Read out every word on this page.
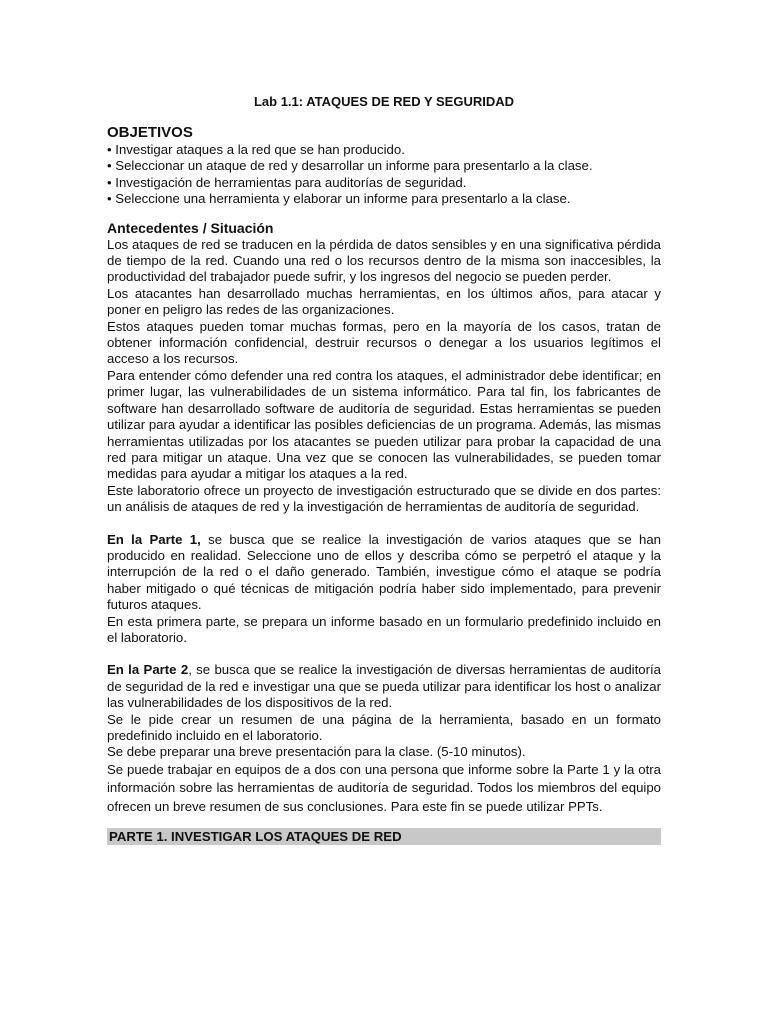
Lab 1.1: ATAQUES DE RED Y SEGURIDAD
OBJETIVOS
• Investigar ataques a la red que se han producido.
• Seleccionar un ataque de red y desarrollar un informe para presentarlo a la clase.
• Investigación de herramientas para auditorías de seguridad.
• Seleccione una herramienta y elaborar un informe para presentarlo a la clase.
Antecedentes / Situación

Los ataques de red se traducen en la pérdida de datos sensibles y en una significativa pérdida de tiempo de la red. Cuando una red o los recursos dentro de la misma son inaccesibles, la productividad del trabajador puede sufrir, y los ingresos del negocio se pueden perder.

Los atacantes han desarrollado muchas herramientas, en los últimos años, para atacar y poner en peligro las redes de las organizaciones.

Estos ataques pueden tomar muchas formas, pero en la mayoría de los casos, tratan de obtener información confidencial, destruir recursos o denegar a los usuarios legítimos el acceso a los recursos.

Para entender cómo defender una red contra los ataques, el administrador debe identificar; en primer lugar, las vulnerabilidades de un sistema informático. Para tal fin, los fabricantes de software han desarrollado software de auditoría de seguridad. Estas herramientas se pueden utilizar para ayudar a identificar las posibles deficiencias de un programa. Además, las mismas herramientas utilizadas por los atacantes se pueden utilizar para probar la capacidad de una red para mitigar un ataque. Una vez que se conocen las vulnerabilidades, se pueden tomar medidas para ayudar a mitigar los ataques a la red.

Este laboratorio ofrece un proyecto de investigación estructurado que se divide en dos partes: un análisis de ataques de red y la investigación de herramientas de auditoría de seguridad.

En la Parte 1, se busca que se realice la investigación de varios ataques que se han producido en realidad. Seleccione uno de ellos y describa cómo se perpetró el ataque y la interrupción de la red o el daño generado. También, investigue cómo el ataque se podría haber mitigado o qué técnicas de mitigación podría haber sido implementado, para prevenir futuros ataques.

En esta primera parte, se prepara un informe basado en un formulario predefinido incluido en el laboratorio.

En la Parte 2, se busca que se realice la investigación de diversas herramientas de auditoría de seguridad de la red e investigar una que se pueda utilizar para identificar los host o analizar las vulnerabilidades de los dispositivos de la red.

Se le pide crear un resumen de una página de la herramienta, basado en un formato predefinido incluido en el laboratorio.

Se debe preparar una breve presentación para la clase. (5-10 minutos).

Se puede trabajar en equipos de a dos con una persona que informe sobre la Parte 1 y la otra información sobre las herramientas de auditoría de seguridad. Todos los miembros del equipo ofrecen un breve resumen de sus conclusiones. Para este fin se puede utilizar PPTs.

PARTE 1. INVESTIGAR LOS ATAQUES DE RED
